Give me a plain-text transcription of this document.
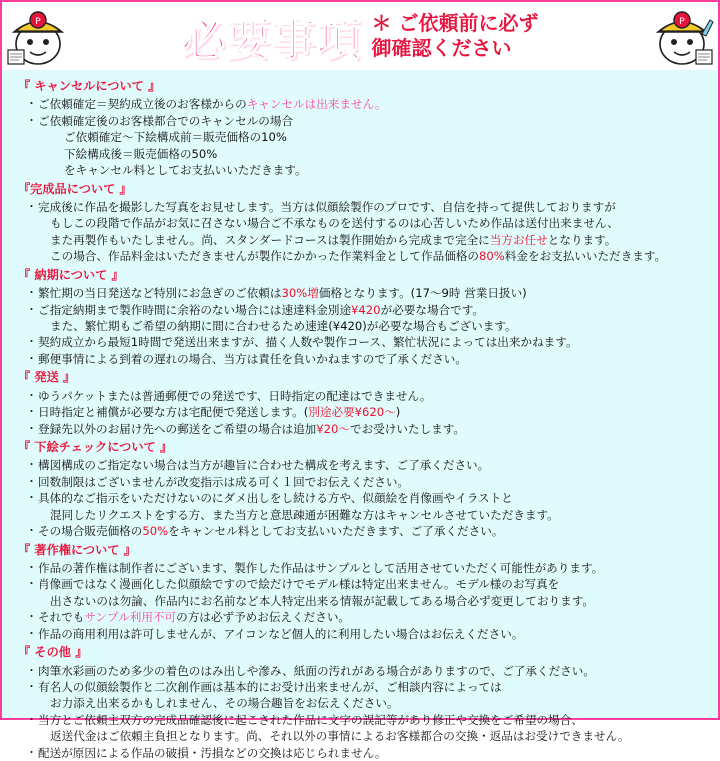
P	必要事項 ＊ ご依頼前に必ず
御確認ください
P
『 キャンセルについて 』
・ ご依頼確定＝契約成立後のお客様からのキャンセルは出来ません。
・ ご依頼確定後のお客様都合でのキャンセルの場合
ご依頼確定～下絵構成前＝販売価格の10%
下絵構成後＝販売価格の50%
をキャンセル料としてお支払いいただきます。
『完成品について 』
・ 完成後に作品を撮影した写真をお見せします。当方は似顔絵製作のプロです、自信を持って提供しておりますが
もしこの段階で作品がお気に召さない場合ご不承なものを送付するのは心苦しいため作品は送付出来ません、
また再製作もいたしません。尚、スタンダードコースは製作開始から完成まで完全に当方お任せとなります。
この場合、作品料金はいただきませんが製作にかかった作業料金として作品価格の80%料金をお支払いいただきます。
『 納期について 』
・ 繁忙期の当日発送など特別にお急ぎのご依頼は30%増価格となります。(17～9時 営業日扱い)
・ ご指定納期まで製作時間に余裕のない場合には速達料金別途¥420が必要な場合です。
また、繁忙期もご希望の納期に間に合わせるため速達(¥420)が必要な場合もございます。
・ 契約成立から最短1時間で発送出来ますが、描く人数や製作コース、繁忙状況によっては出来かねます。
・ 郵便事情による到着の遅れの場合、当方は責任を負いかねますので了承ください。
『 発送 』
・ ゆうパケットまたは普通郵便での発送です、日時指定の配達はできません。
・ 日時指定と補償が必要な方は宅配便で発送します。(別途必要¥620～)
・ 登録先以外のお届け先への郵送をご希望の場合は追加¥20～でお受けいたします。
『 下絵チェックについて 』
・ 構図構成のご指定ない場合は当方が趣旨に合わせた構成を考えます、ご了承ください。
・ 回数制限はございませんが改変指示は成る可く１回でお伝えください。
・ 具体的なご指示をいただけないのにダメ出しをし続ける方や、似顔絵を肖像画やイラストと
混同したリクエストをする方、また当方と意思疎通が困難な方はキャンセルさせていただきます。
・ その場合販売価格の50%をキャンセル料としてお支払いいただきます、ご了承ください。
『 著作権について 』
・ 作品の著作権は制作者にございます、製作した作品はサンプルとして活用させていただく可能性があります。
・ 肖像画ではなく漫画化した似顔絵ですので絵だけでモデル様は特定出来ません。モデル様のお写真を
出さないのは勿論、作品内にお名前など本人特定出来る情報が記載してある場合必ず変更しております。
・ それでもサンプル利用不可の方は必ず予めお伝えください。
・ 作品の商用利用は許可しませんが、アイコンなど個人的に利用したい場合はお伝えください。
『 その他 』
・ 肉筆水彩画のため多少の着色のはみ出しや滲み、紙面の汚れがある場合がありますので、ご了承ください。
・ 有名人の似顔絵製作と二次創作画は基本的にお受け出来ませんが、ご相談内容によっては
お力添え出来るかもしれません、その場合趣旨をお伝えください。
・ 当方とご依頼主双方の完成品確認後に起こされた作品に文字の誤記等があり修正や交換をご希望の場合、
返送代金はご依頼主負担となります。尚、それ以外の事情によるお客様都合の交換・返品はお受けできません。
・ 配送が原因による作品の破損・汚損などの交換は応じられません。
